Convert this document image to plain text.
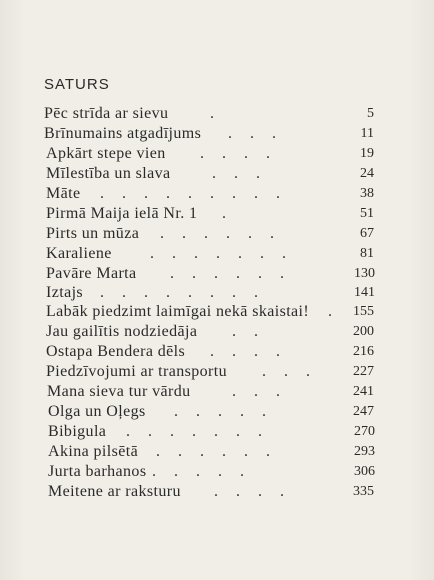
SATURS
Pēc strīda ar sievu	.	5
Brīnumains atgadījums . . .	11
Apkārt stepe vien . . . .	19
Mīlestība un slava	. . .	24
Māte . . . . . . . . .	38
Pirmā Maija ielā Nr. 1 .	51
Pirts un mūza . . . . . .	67
Karaliene . . . . . . .	81
Pavāre Marta . . . . . .	130
Iztajs . . . . . . . .	141
Labāk piedzimt laimīgai nekā skaistai! .	155
Jau gailītis nodziedāja . .	200
Ostapa Bendera dēls . . . .	216
Piedzīvojumi ar transportu . . .	227
Mana sieva tur vārdu	. . .	241
Olga un Oļegs . . . . .	247
Bibigula . . . . . . .	270
Akina pilsētā . . . . . .	293
Jurta barhanos . . . . .	306
Meitene ar raksturu . . . .	335
